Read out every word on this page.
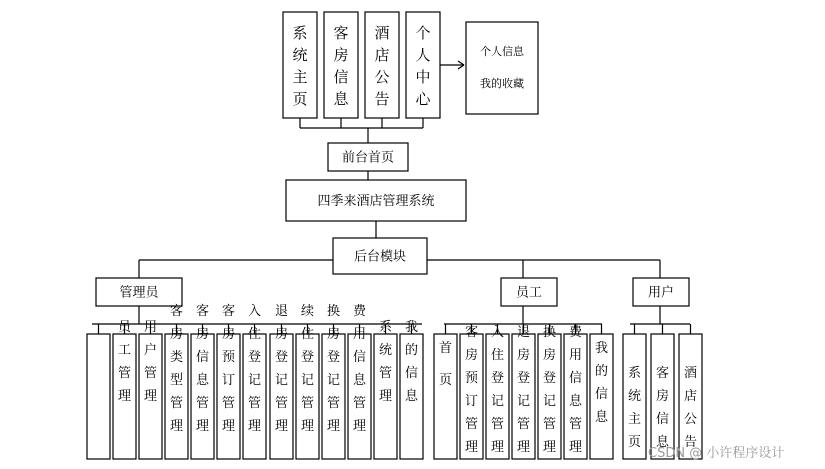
系统主页
客房信息
酒店公告
个人中心
个人信息
我的收藏
前台首页
四季来酒店管理系统
后台模块
管理员
员工管理
用户管理
客房类型管理
客房信息管理
客房预订管理
入住登记管理
退房登记管理
续住登记管理
换房登记管理
费用信息管理
系统管理
我的信息
员工
首页
客房预订管理
入住登记管理
退房登记管理
换房登记管理
费用信息管理
我的信息
用户
系统主页
客房信息
酒店公告
CSDN @ 小许程序设计
